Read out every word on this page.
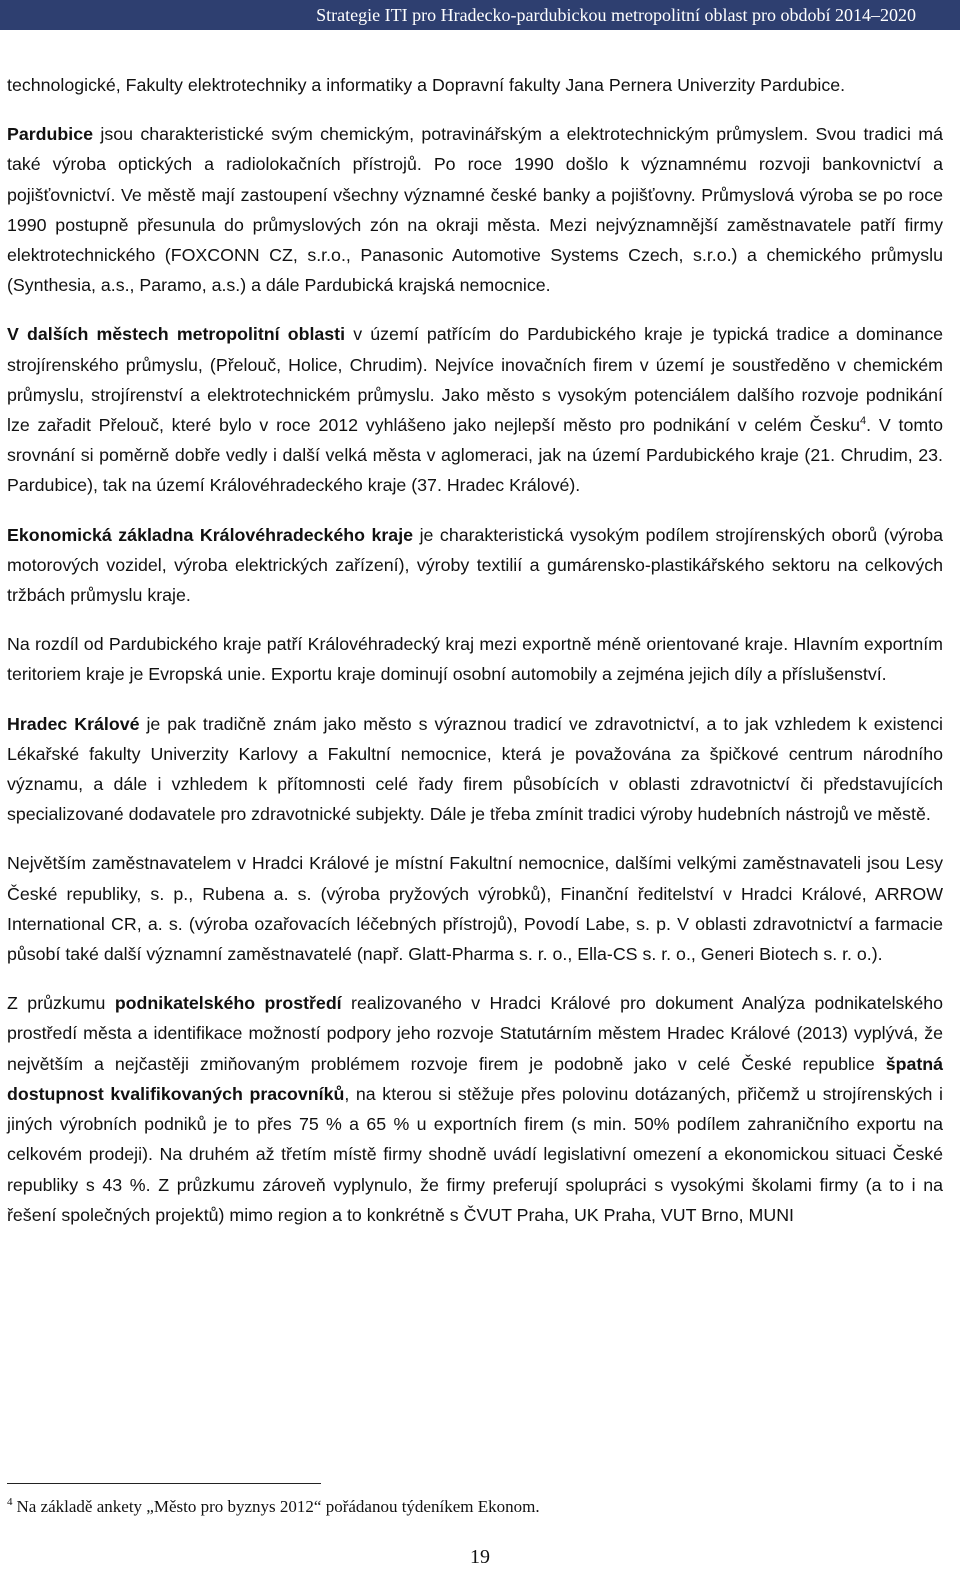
Strategie ITI pro Hradecko-pardubickou metropolitní oblast pro období 2014–2020

technologické, Fakulty elektrotechniky a informatiky a Dopravní fakulty Jana Pernera Univerzity Pardubice.

Pardubice jsou charakteristické svým chemickým, potravinářským a elektrotechnickým průmyslem. Svou tradici má také výroba optických a radiolokačních přístrojů. Po roce 1990 došlo k významnému rozvoji bankovnictví a pojišťovnictví. Ve městě mají zastoupení všechny významné české banky a pojišťovny. Průmyslová výroba se po roce 1990 postupně přesunula do průmyslových zón na okraji města. Mezi nejvýznamnější zaměstnavatele patří firmy elektrotechnického (FOXCONN CZ, s.r.o., Panasonic Automotive Systems Czech, s.r.o.) a chemického průmyslu (Synthesia, a.s., Paramo, a.s.) a dále Pardubická krajská nemocnice.

V dalších městech metropolitní oblasti v území patřícím do Pardubického kraje je typická tradice a dominance strojírenského průmyslu, (Přelouč, Holice, Chrudim). Nejvíce inovačních firem v území je soustředěno v chemickém průmyslu, strojírenství a elektrotechnickém průmyslu. Jako město s vysokým potenciálem dalšího rozvoje podnikání lze zařadit Přelouč, které bylo v roce 2012 vyhlášeno jako nejlepší město pro podnikání v celém Česku$^4$. V tomto srovnání si poměrně dobře vedly i další velká města v aglomeraci, jak na území Pardubického kraje (21. Chrudim, 23. Pardubice), tak na území Královéhradeckého kraje (37. Hradec Králové).

Ekonomická základna Královéhradeckého kraje je charakteristická vysokým podílem strojírenských oborů (výroba motorových vozidel, výroba elektrických zařízení), výroby textilií a gumárensko-plastikářského sektoru na celkových tržbách průmyslu kraje.

Na rozdíl od Pardubického kraje patří Královéhradecký kraj mezi exportně méně orientované kraje. Hlavním exportním teritoriem kraje je Evropská unie. Exportu kraje dominují osobní automobily a zejména jejich díly a příslušenství.

Hradec Králové je pak tradičně znám jako město s výraznou tradicí ve zdravotnictví, a to jak vzhledem k existenci Lékařské fakulty Univerzity Karlovy a Fakultní nemocnice, která je považována za špičkové centrum národního významu, a dále i vzhledem k přítomnosti celé řady firem působících v oblasti zdravotnictví či představujících specializované dodavatele pro zdravotnické subjekty. Dále je třeba zmínit tradici výroby hudebních nástrojů ve městě.

Největším zaměstnavatelem v Hradci Králové je místní Fakultní nemocnice, dalšími velkými zaměstnavateli jsou Lesy České republiky, s. p., Rubena a. s. (výroba pryžových výrobků), Finanční ředitelství v Hradci Králové, ARROW International CR, a. s. (výroba ozařovacích léčebných přístrojů), Povodí Labe, s. p. V oblasti zdravotnictví a farmacie působí také další významní zaměstnavatelé (např. Glatt-Pharma s. r. o., Ella-CS s. r. o., Generi Biotech s. r. o.).

Z průzkumu podnikatelského prostředí realizovaného v Hradci Králové pro dokument Analýza podnikatelského prostředí města a identifikace možností podpory jeho rozvoje Statutárním městem Hradec Králové (2013) vyplývá, že největším a nejčastěji zmiňovaným problémem rozvoje firem je podobně jako v celé České republice špatná dostupnost kvalifikovaných pracovníků, na kterou si stěžuje přes polovinu dotázaných, přičemž u strojírenských i jiných výrobních podniků je to přes 75 % a 65 % u exportních firem (s min. 50% podílem zahraničního exportu na celkovém prodeji). Na druhém až třetím místě firmy shodně uvádí legislativní omezení a ekonomickou situaci České republiky s 43 %. Z průzkumu zároveň vyplynulo, že firmy preferují spolupráci s vysokými školami firmy (a to i na řešení společných projektů) mimo region a to konkrétně s ČVUT Praha, UK Praha, VUT Brno, MUNI

$^4$ Na základě ankety „Město pro byznys 2012“ pořádanou týdeníkem Ekonom.
19
